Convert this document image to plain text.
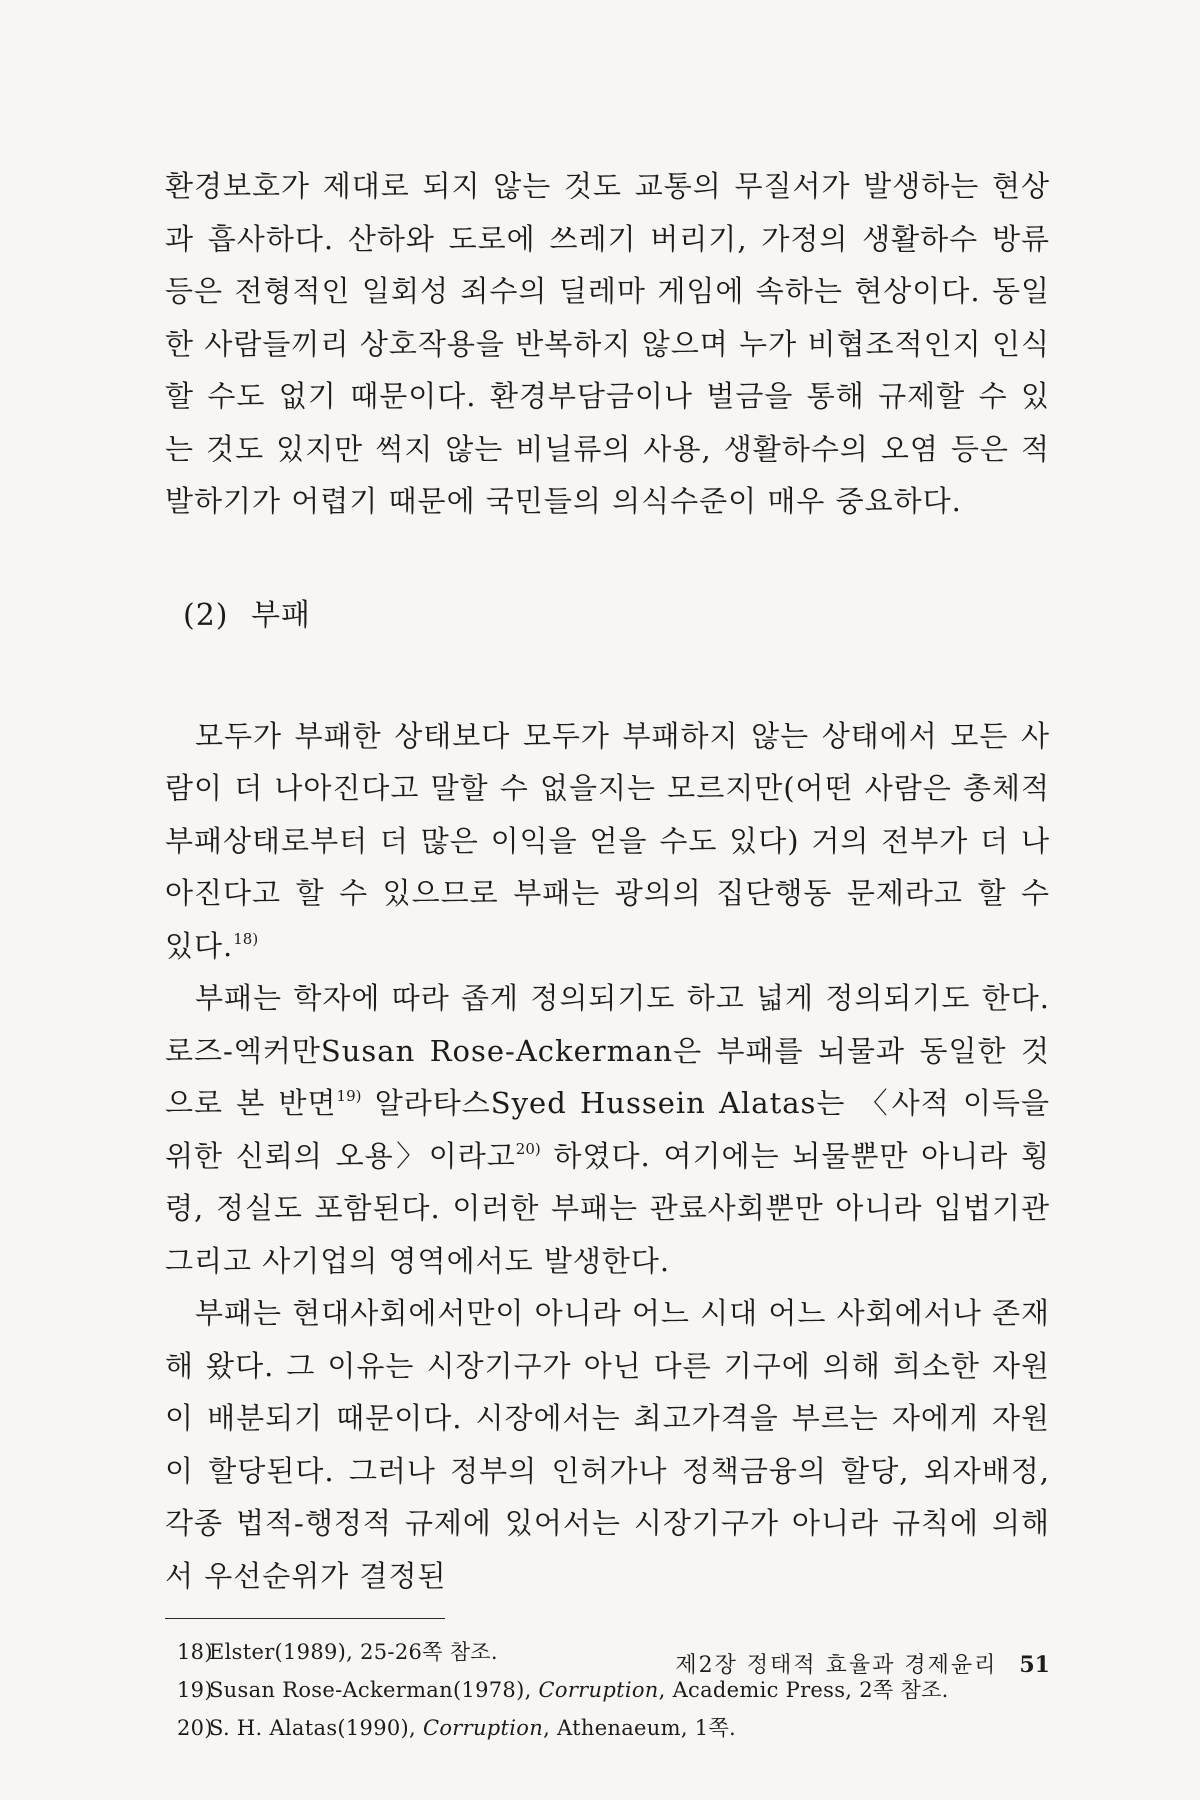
환경보호가 제대로 되지 않는 것도 교통의 무질서가 발생하는 현상과 흡사하다. 산하와 도로에 쓰레기 버리기, 가정의 생활하수 방류 등은 전형적인 일회성 죄수의 딜레마 게임에 속하는 현상이다. 동일한 사람들끼리 상호작용을 반복하지 않으며 누가 비협조적인지 인식할 수도 없기 때문이다. 환경부담금이나 벌금을 통해 규제할 수 있는 것도 있지만 썩지 않는 비닐류의 사용, 생활하수의 오염 등은 적발하기가 어렵기 때문에 국민들의 의식수준이 매우 중요하다.

(2) 부패

모두가 부패한 상태보다 모두가 부패하지 않는 상태에서 모든 사람이 더 나아진다고 말할 수 없을지는 모르지만(어떤 사람은 총체적 부패상태로부터 더 많은 이익을 얻을 수도 있다) 거의 전부가 더 나아진다고 할 수 있으므로 부패는 광의의 집단행동 문제라고 할 수 있다.$^{18)}$

부패는 학자에 따라 좁게 정의되기도 하고 넓게 정의되기도 한다. 로즈-엑커만Susan Rose-Ackerman은 부패를 뇌물과 동일한 것으로 본 반면$^{19)}$ 알라타스Syed Hussein Alatas는 〈사적 이득을 위한 신뢰의 오용〉이라고$^{20)}$ 하였다. 여기에는 뇌물뿐만 아니라 횡령, 정실도 포함된다. 이러한 부패는 관료사회뿐만 아니라 입법기관 그리고 사기업의 영역에서도 발생한다.

부패는 현대사회에서만이 아니라 어느 시대 어느 사회에서나 존재해 왔다. 그 이유는 시장기구가 아닌 다른 기구에 의해 희소한 자원이 배분되기 때문이다. 시장에서는 최고가격을 부르는 자에게 자원이 할당된다. 그러나 정부의 인허가나 정책금융의 할당, 외자배정, 각종 법적-행정적 규제에 있어서는 시장기구가 아니라 규칙에 의해서 우선순위가 결정된

18)Elster(1989), 25-26쪽 참조.
19)Susan Rose-Ackerman(1978), Corruption, Academic Press, 2쪽 참조.
20)S. H. Alatas(1990), Corruption, Athenaeum, 1쪽.
제2장 정태적 효율과 경제윤리 51
